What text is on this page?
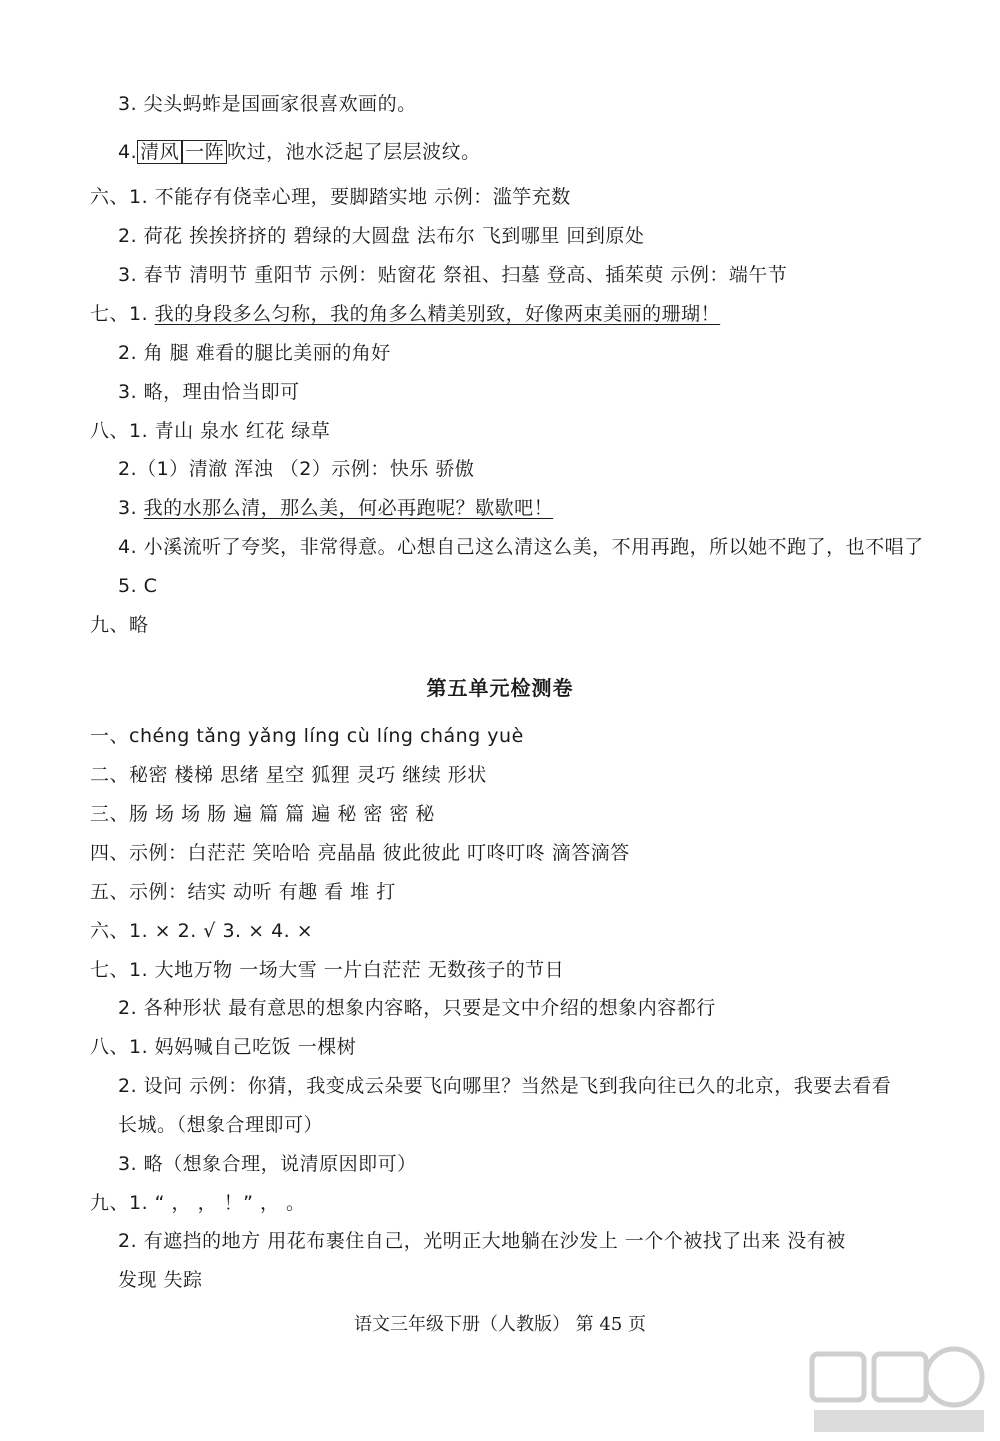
3. 尖头蚂蚱是国画家很喜欢画的。
4. 清风 一阵 吹过，池水泛起了层层波纹。
六、1. 不能存有侥幸心理，要脚踏实地 示例：滥竽充数
2. 荷花 挨挨挤挤的 碧绿的大圆盘 法布尔 飞到哪里 回到原处
3. 春节 清明节 重阳节 示例：贴窗花 祭祖、扫墓 登高、插茱萸 示例：端午节
七、1. 我的身段多么匀称，我的角多么精美别致，好像两束美丽的珊瑚！
2. 角 腿 难看的腿比美丽的角好
3. 略，理由恰当即可
八、1. 青山 泉水 红花 绿草
2.（1）清澈 浑浊 （2）示例：快乐 骄傲
3. 我的水那么清，那么美，何必再跑呢？歇歇吧！
4. 小溪流听了夸奖，非常得意。心想自己这么清这么美，不用再跑，所以她不跑了，也不唱了
5. C
九、略
第五单元检测卷
一、chéng tǎng yǎng líng cù líng cháng yuè
二、秘密 楼梯 思绪 星空 狐狸 灵巧 继续 形状
三、肠 场 场 肠 遍 篇 篇 遍 秘 密 密 秘
四、示例：白茫茫 笑哈哈 亮晶晶 彼此彼此 叮咚叮咚 滴答滴答
五、示例：结实 动听 有趣 看 堆 打
六、1. × 2. √ 3. × 4. ×
七、1. 大地万物 一场大雪 一片白茫茫 无数孩子的节日
2. 各种形状 最有意思的想象内容略，只要是文中介绍的想象内容都行
八、1. 妈妈喊自己吃饭 一棵树
2. 设问 示例：你猜，我变成云朵要飞向哪里？当然是飞到我向往已久的北京，我要去看看
长城。（想象合理即可）
3. 略（想象合理，说清原因即可）
九、1. “ ， ， ！” ， 。
2. 有遮挡的地方 用花布裹住自己，光明正大地躺在沙发上 一个个被找了出来 没有被
发现 失踪
语文三年级下册（人教版） 第 45 页
